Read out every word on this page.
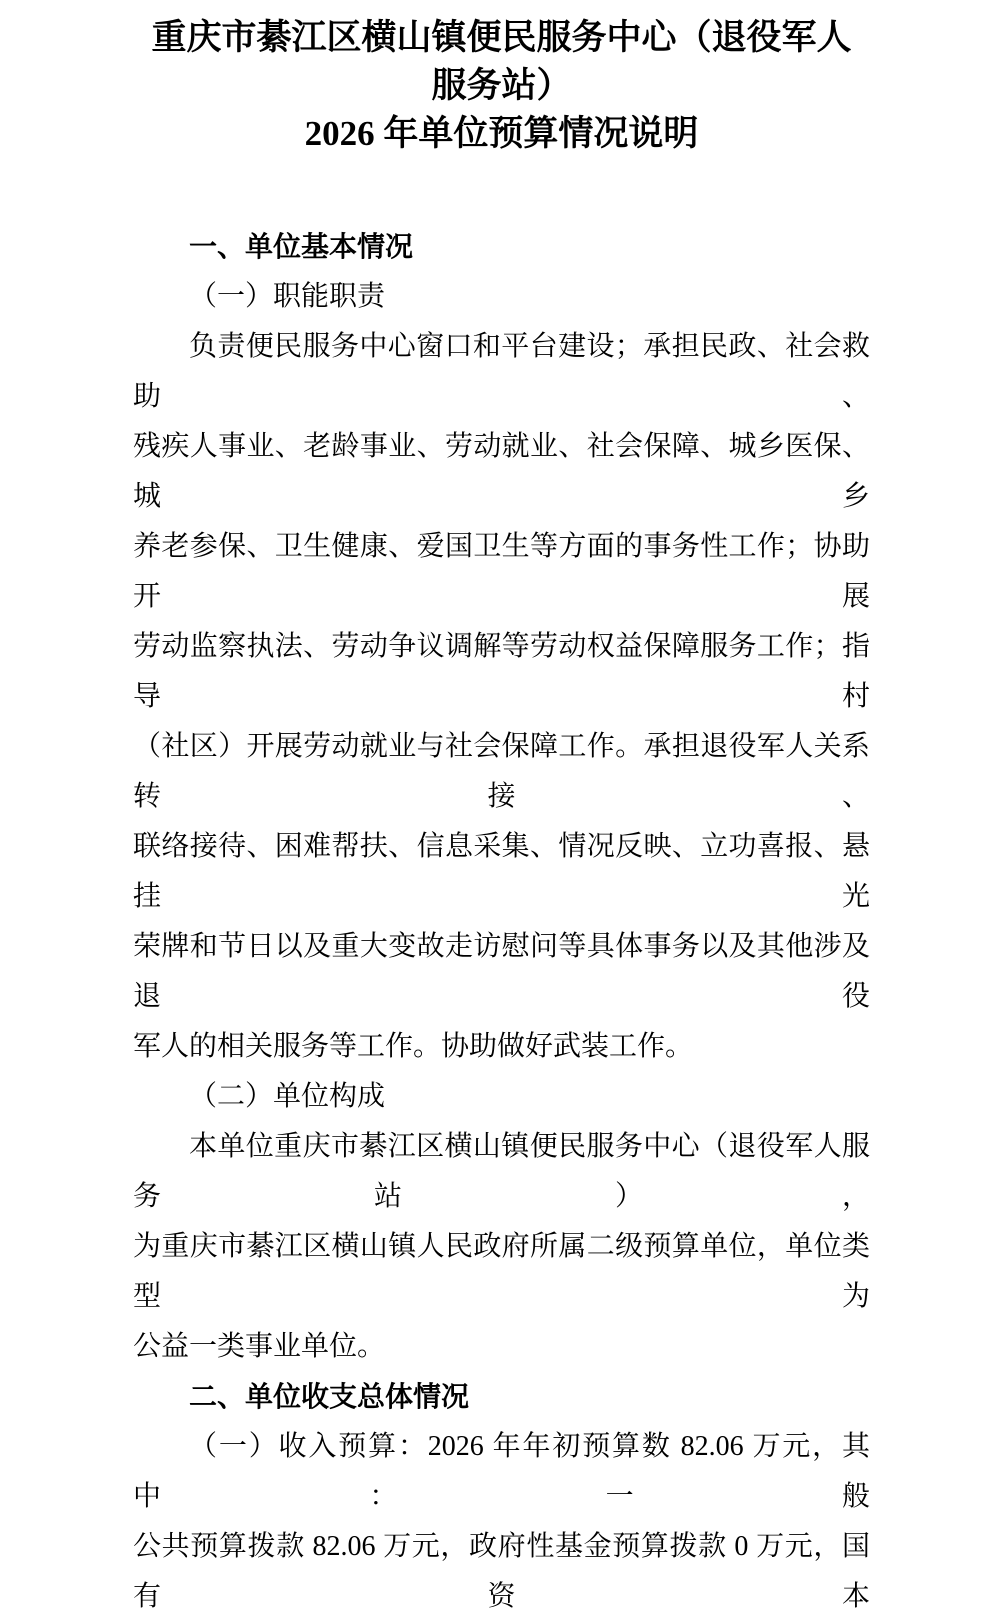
重庆市綦江区横山镇便民服务中心（退役军人
服务站）
2026 年单位预算情况说明
一、单位基本情况
（一）职能职责
负责便民服务中心窗口和平台建设；承担民政、社会救助、
残疾人事业、老龄事业、劳动就业、社会保障、城乡医保、城乡
养老参保、卫生健康、爱国卫生等方面的事务性工作；协助开展
劳动监察执法、劳动争议调解等劳动权益保障服务工作；指导村
（社区）开展劳动就业与社会保障工作。承担退役军人关系转接、
联络接待、困难帮扶、信息采集、情况反映、立功喜报、悬挂光
荣牌和节日以及重大变故走访慰问等具体事务以及其他涉及退役
军人的相关服务等工作。协助做好武装工作。
（二）单位构成
本单位重庆市綦江区横山镇便民服务中心（退役军人服务站），
为重庆市綦江区横山镇人民政府所属二级预算单位，单位类型为
公益一类事业单位。
二、单位收支总体情况
（一）收入预算：2026 年年初预算数 82.06 万元，其中：一般
公共预算拨款 82.06 万元，政府性基金预算拨款 0 万元，国有资本
